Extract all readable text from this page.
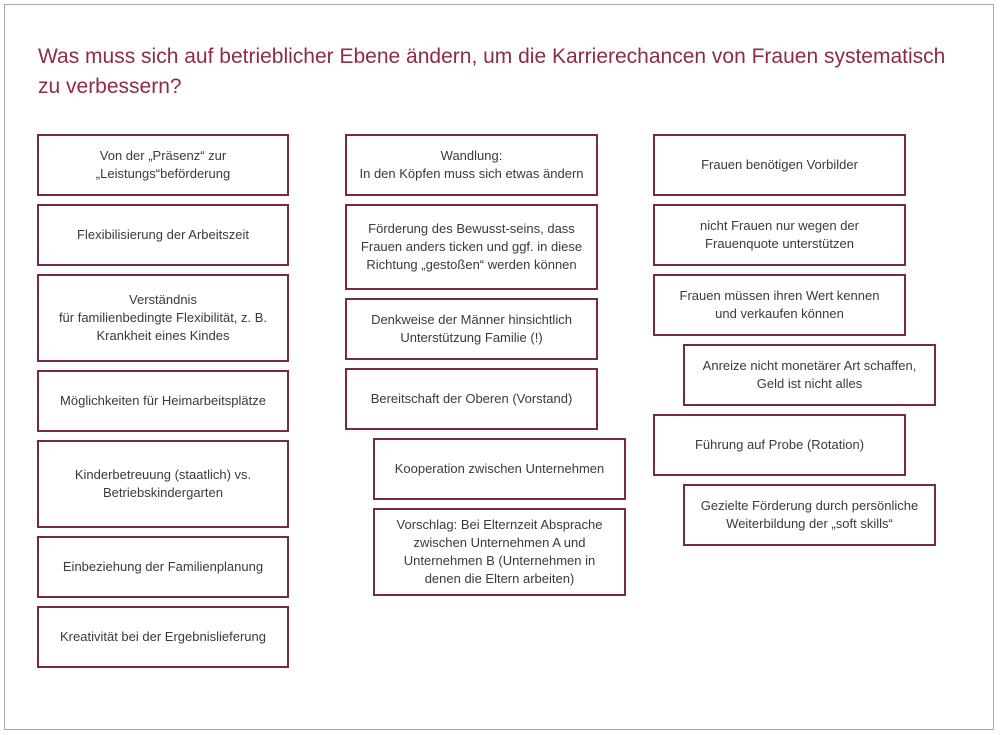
Was muss sich auf betrieblicher Ebene ändern, um die Karrierechancen von Frauen systematisch zu verbessern?
Von der „Präsenz“ zur
„Leistungs“beförderung
Flexibilisierung der Arbeitszeit
Verständnis
für familienbedingte Flexibilität, z. B.
Krankheit eines Kindes
Möglichkeiten für Heimarbeitsplätze
Kinderbetreuung (staatlich) vs.
Betriebskindergarten
Einbeziehung der Familienplanung
Kreativität bei der Ergebnislieferung
Wandlung:
In den Köpfen muss sich etwas ändern
Förderung des Bewusst-seins, dass
Frauen anders ticken und ggf. in diese
Richtung „gestoßen“ werden können
Denkweise der Männer hinsichtlich
Unterstützung Familie (!)
Bereitschaft der Oberen (Vorstand)
Kooperation zwischen Unternehmen
Vorschlag: Bei Elternzeit Absprache
zwischen Unternehmen A und
Unternehmen B (Unternehmen in
denen die Eltern arbeiten)
Frauen benötigen Vorbilder
nicht Frauen nur wegen der
Frauenquote unterstützen
Frauen müssen ihren Wert kennen
und verkaufen können
Anreize nicht monetärer Art schaffen,
Geld ist nicht alles
Führung auf Probe (Rotation)
Gezielte Förderung durch persönliche
Weiterbildung der „soft skills“
